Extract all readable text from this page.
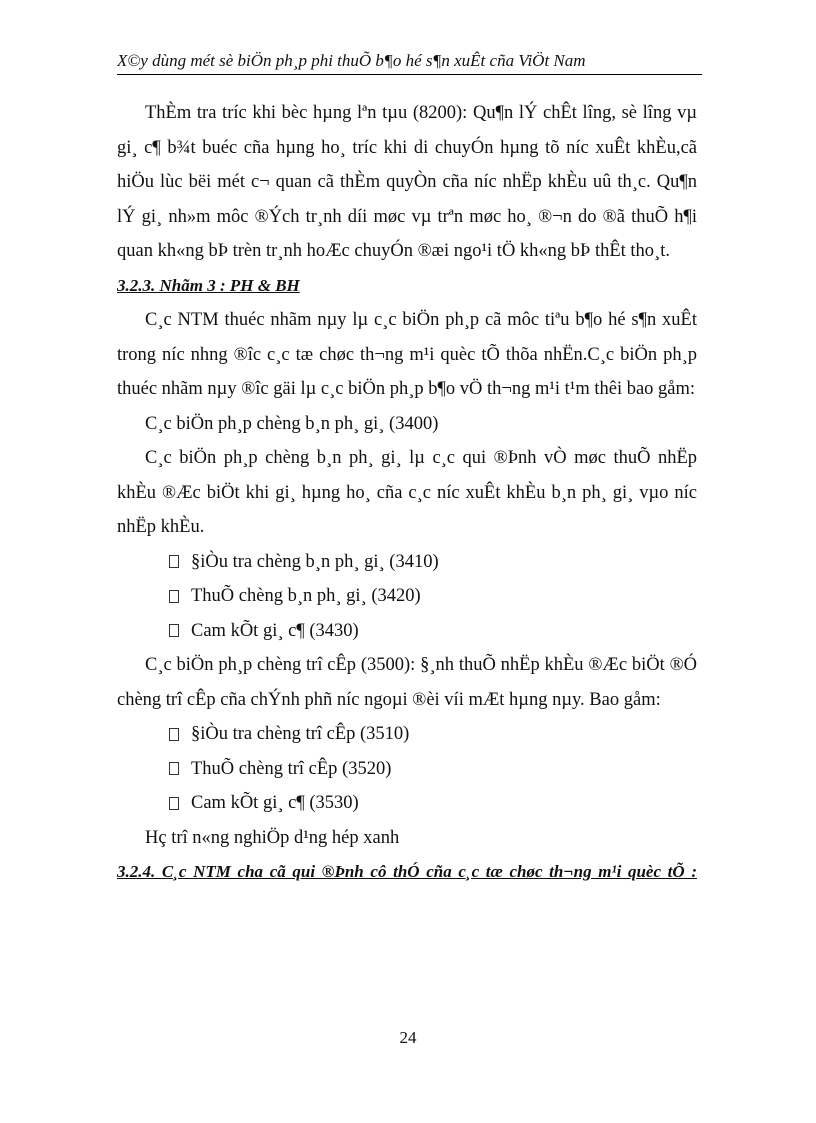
X©y dùng mét sè biÖn ph¸p phi thuÕ b¶o hé s¶n xuÊt cña ViÖt Nam

ThÈm tra tríc khi bèc hµng lªn tµu (8200): Qu¶n lÝ chÊt lîng, sè lîng vµ gi¸ c¶ b¾t buéc cña hµng ho¸ tríc khi di chuyÓn hµng tõ níc xuÊt khÈu,cã hiÖu lùc bëi mét c¬ quan cã thÈm quyÒn cña níc nhËp khÈu uû th¸c. Qu¶n lÝ gi¸ nh»m môc ®Ých tr¸nh díi møc vµ trªn møc ho¸ ®¬n do ®ã thuÕ h¶i quan kh«ng bÞ trèn tr¸nh hoÆc chuyÓn ®æi ngo¹i tÖ kh«ng bÞ thÊt tho¸t.

3.2.3. Nhãm 3 : PH & BH

C¸c NTM thuéc nhãm nµy lµ c¸c biÖn ph¸p cã môc tiªu b¶o hé s¶n xuÊt trong níc nhng ®îc c¸c tæ chøc th¬ng m¹i quèc tÕ thõa nhËn.C¸c biÖn ph¸p thuéc nhãm nµy ®îc gäi lµ c¸c biÖn ph¸p b¶o vÖ th¬ng m¹i t¹m thêi bao gåm:

C¸c biÖn ph¸p chèng b¸n ph¸ gi¸ (3400)

C¸c biÖn ph¸p chèng b¸n ph¸ gi¸ lµ c¸c qui ®Þnh vÒ møc thuÕ nhËp khÈu ®Æc biÖt khi gi¸ hµng ho¸ cña c¸c níc xuÊt khÈu b¸n ph¸ gi¸ vµo níc nhËp khÈu.

§iÒu tra chèng b¸n ph¸ gi¸ (3410)
ThuÕ chèng b¸n ph¸ gi¸ (3420)
Cam kÕt gi¸ c¶ (3430)

C¸c biÖn ph¸p chèng trî cÊp (3500): §¸nh thuÕ nhËp khÈu ®Æc biÖt ®Ó chèng trî cÊp cña chÝnh phñ níc ngoµi ®èi víi mÆt hµng nµy. Bao gåm:

§iÒu tra chèng trî cÊp (3510)
ThuÕ chèng trî cÊp (3520)
Cam kÕt gi¸ c¶ (3530)

Hç trî n«ng nghiÖp d¹ng hép xanh

3.2.4. C¸c NTM cha cã qui ®Þnh cô thÓ cña c¸c tæ chøc th¬ng m¹i quèc tÕ :

24
